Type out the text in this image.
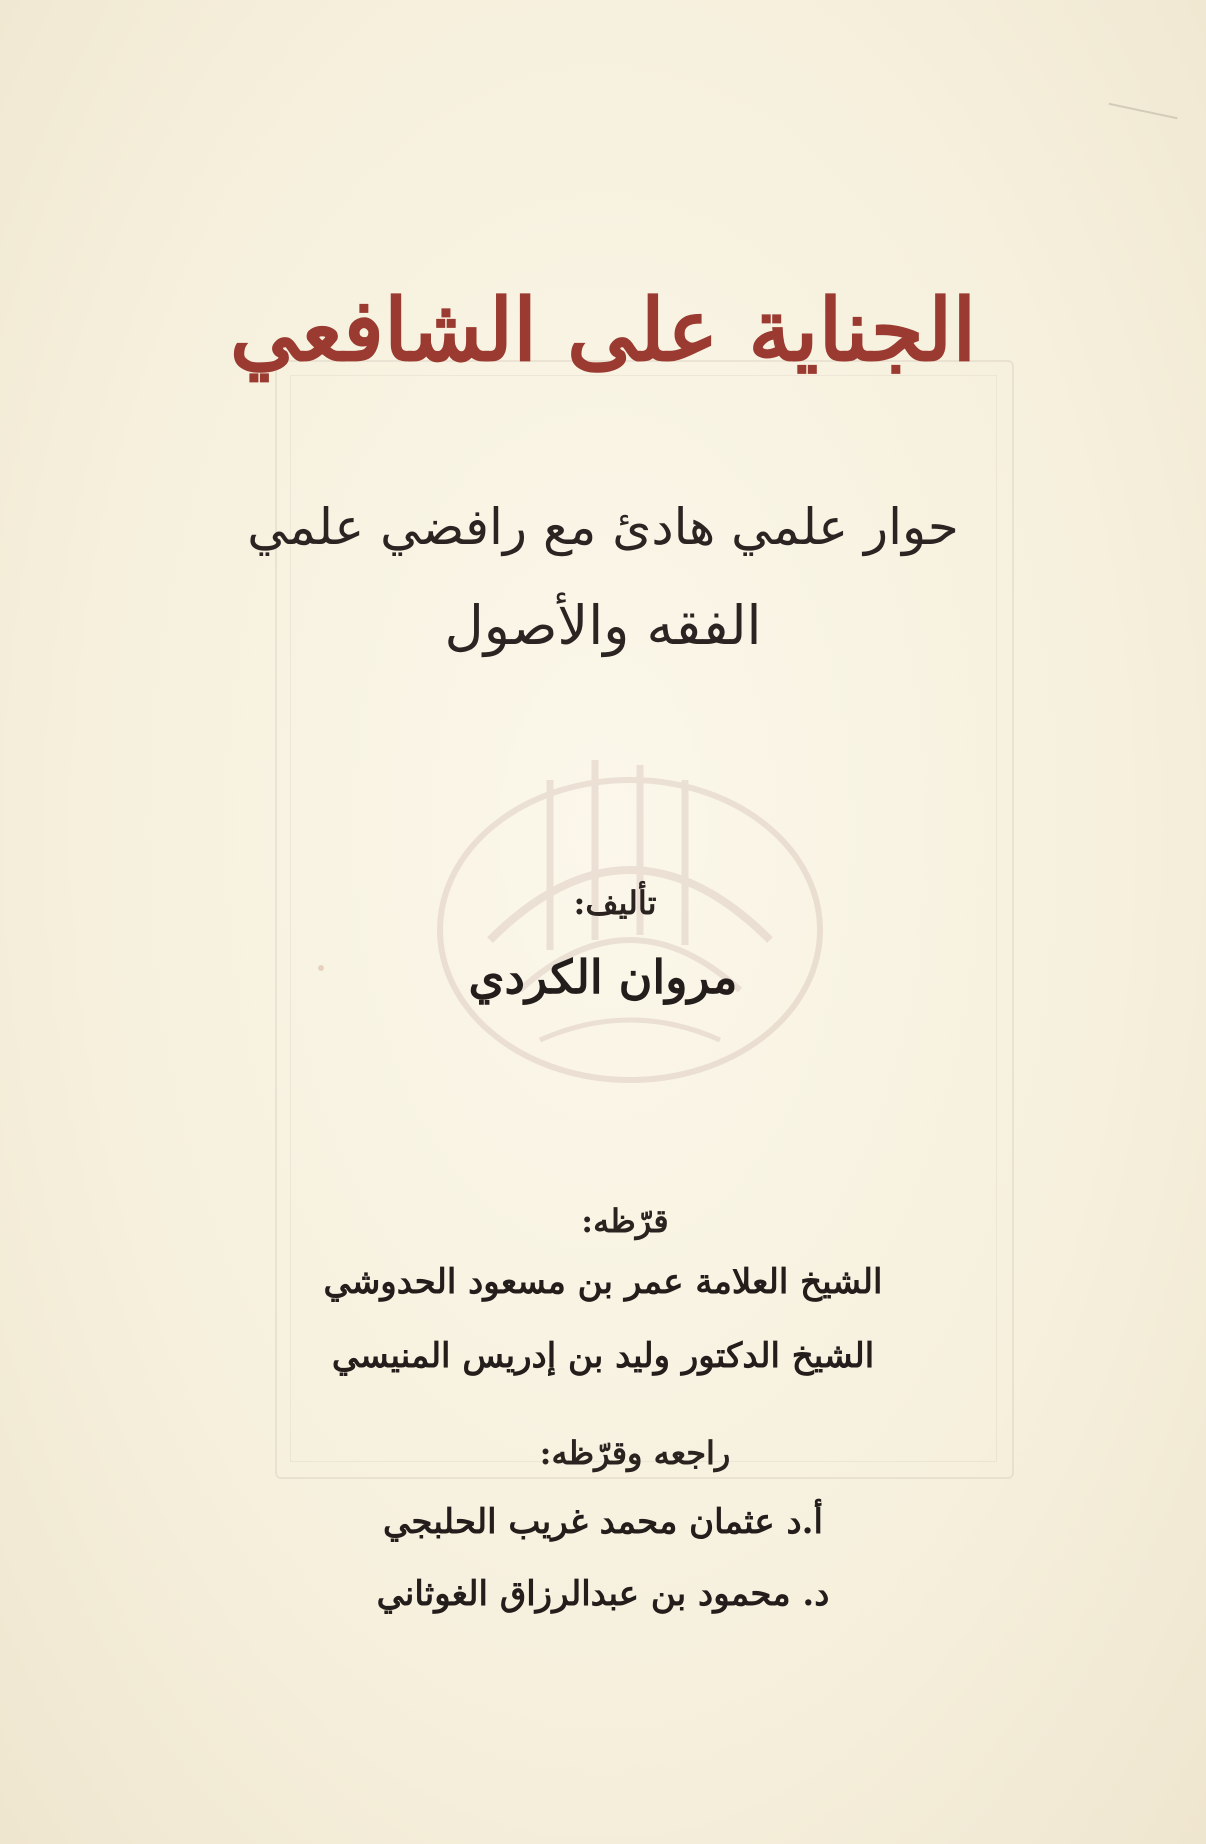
الجناية على الشافعي
حوار علمي هادئ مع رافضي علمي
الفقه والأصول
تأليف:
مروان الكردي
قرّظه:
الشيخ العلامة عمر بن مسعود الحدوشي
الشيخ الدكتور وليد بن إدريس المنيسي
راجعه وقرّظه:
أ.د عثمان محمد غريب الحلبجي
د. محمود بن عبدالرزاق الغوثاني
